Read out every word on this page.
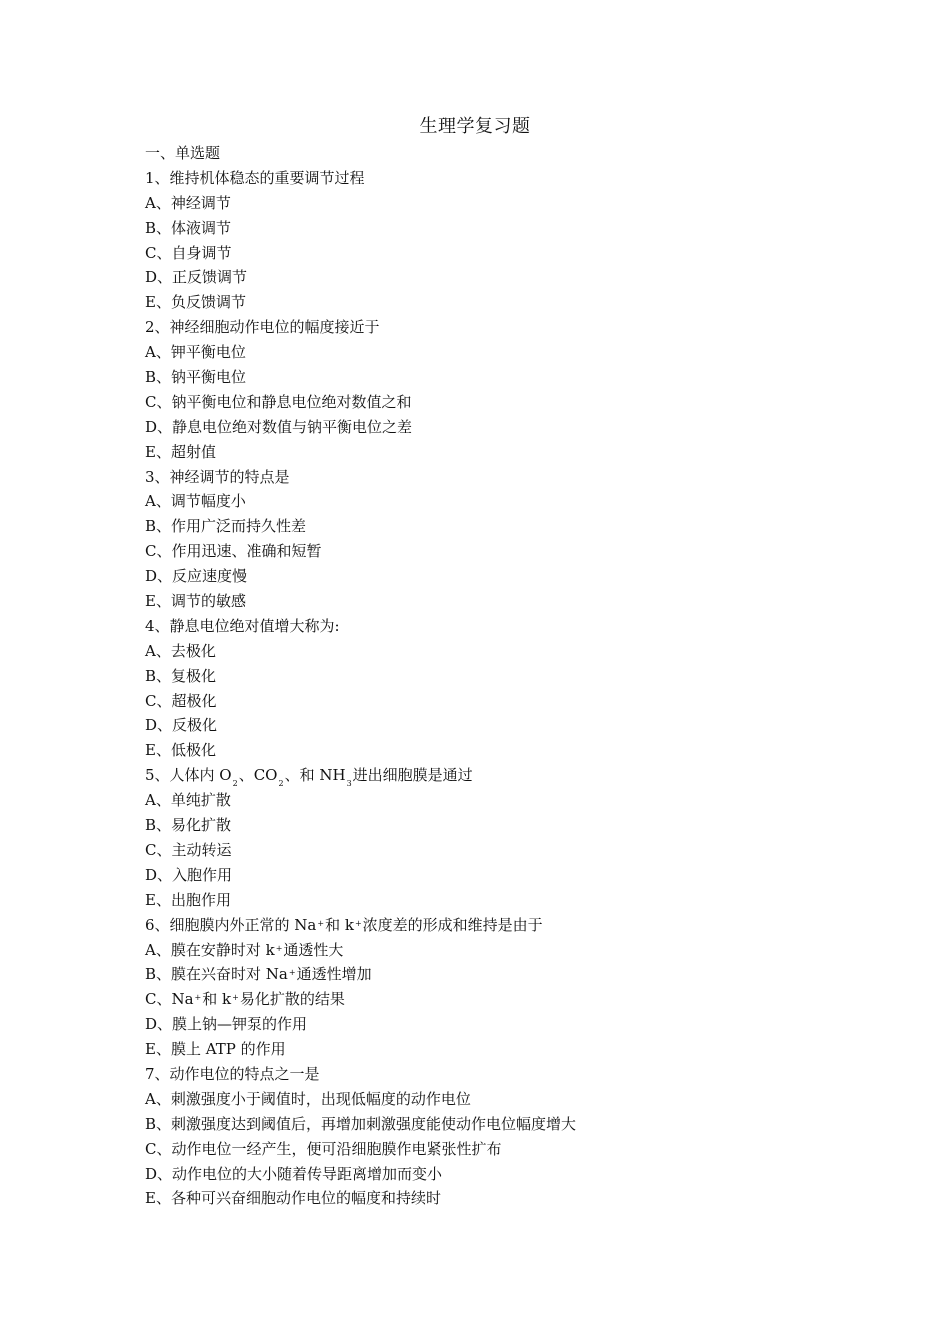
生理学复习题
一、单选题
1、维持机体稳态的重要调节过程
A、神经调节
B、体液调节
C、自身调节
D、正反馈调节
E、负反馈调节
2、神经细胞动作电位的幅度接近于
A、钾平衡电位
B、钠平衡电位
C、钠平衡电位和静息电位绝对数值之和
D、静息电位绝对数值与钠平衡电位之差
E、超射值
3、神经调节的特点是
A、调节幅度小
B、作用广泛而持久性差
C、作用迅速、准确和短暂
D、反应速度慢
E、调节的敏感
4、静息电位绝对值增大称为:
A、去极化
B、复极化
C、超极化
D、反极化
E、低极化
5、人体内 $O_2$、$CO_2$、和 $NH_3$进出细胞膜是通过
A、单纯扩散
B、易化扩散
C、主动转运
D、入胞作用
E、出胞作用
6、细胞膜内外正常的 Na+和 k+浓度差的形成和维持是由于
A、膜在安静时对 k+通透性大
B、膜在兴奋时对 Na+通透性增加
C、Na+和 k+易化扩散的结果
D、膜上钠—钾泵的作用
E、膜上 ATP 的作用
7、动作电位的特点之一是
A、刺激强度小于阈值时，出现低幅度的动作电位
B、刺激强度达到阈值后，再增加刺激强度能使动作电位幅度增大
C、动作电位一经产生，便可沿细胞膜作电紧张性扩布
D、动作电位的大小随着传导距离增加而变小
E、各种可兴奋细胞动作电位的幅度和持续时
